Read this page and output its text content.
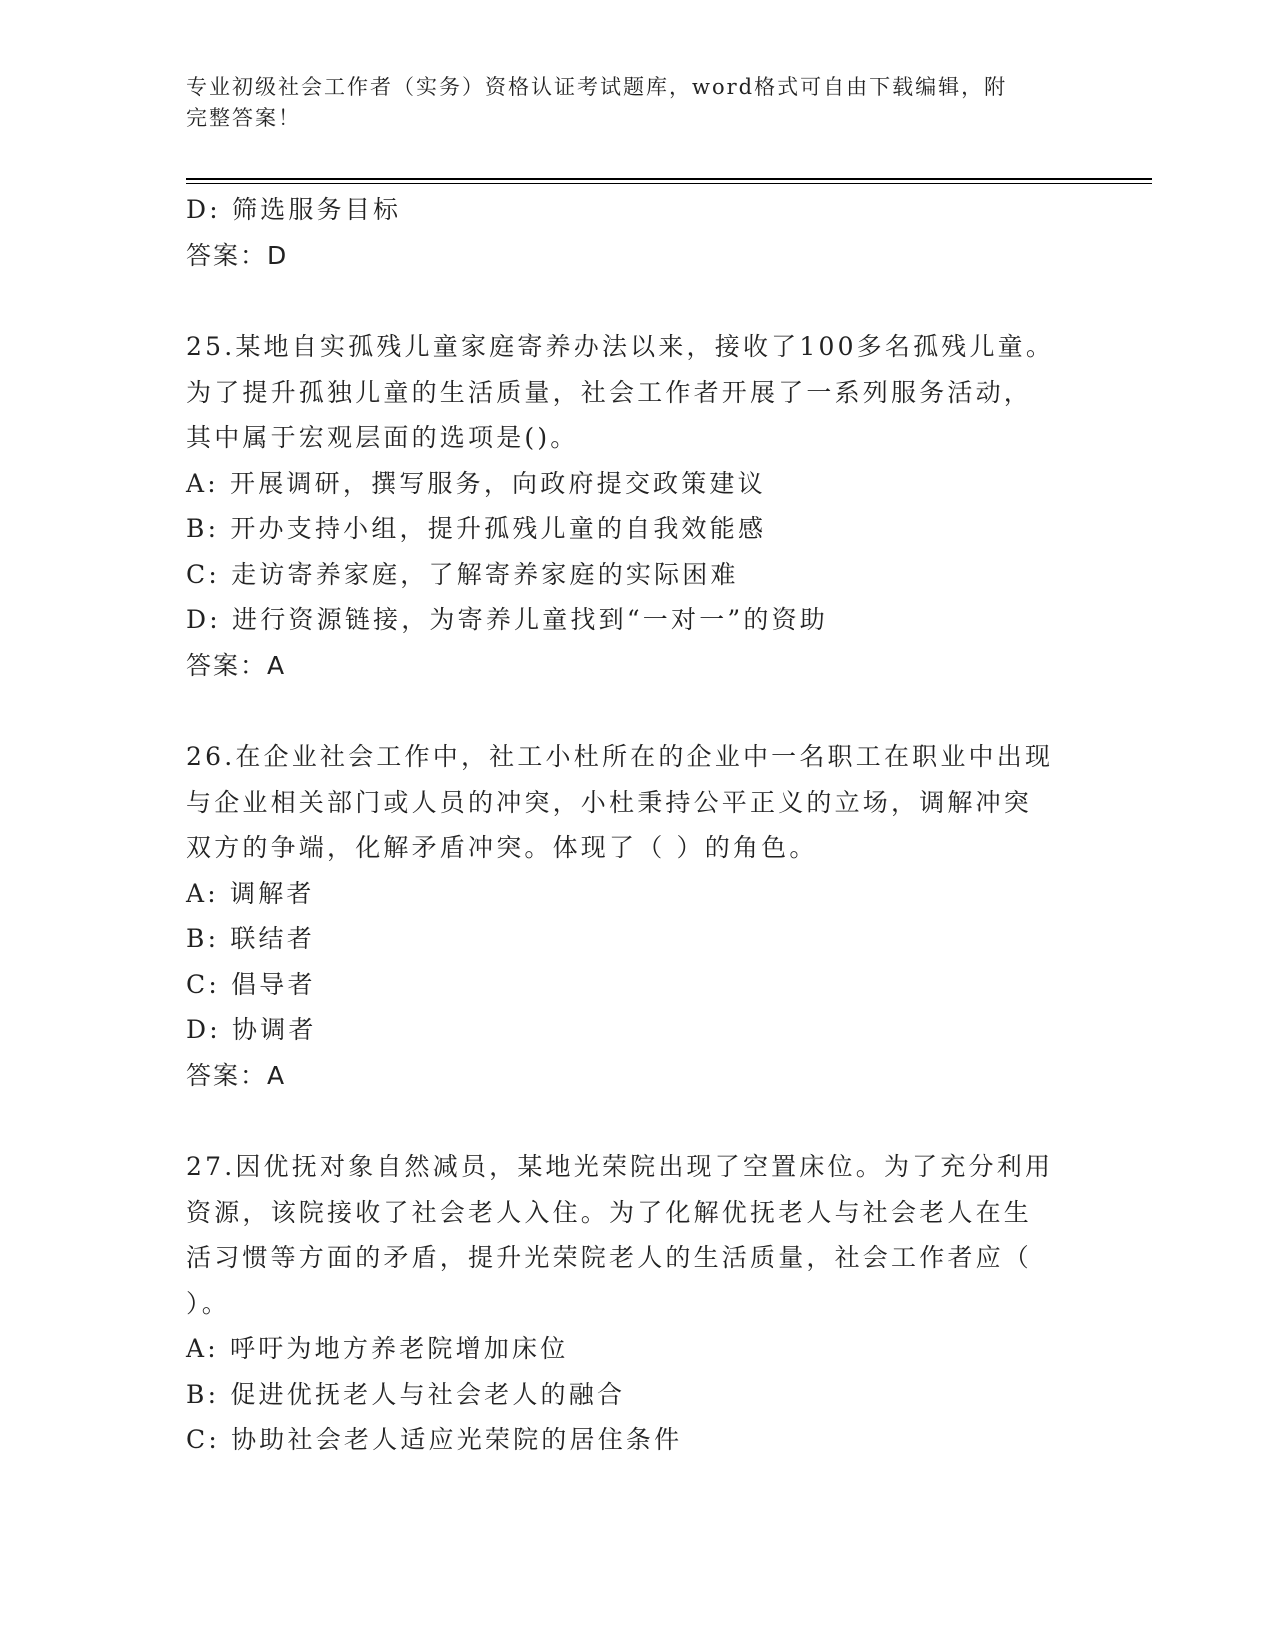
专业初级社会工作者（实务）资格认证考试题库，word格式可自由下载编辑，附
完整答案！
D: 筛选服务目标
答案：D
25.某地自实孤残儿童家庭寄养办法以来，接收了100多名孤残儿童。
为了提升孤独儿童的生活质量，社会工作者开展了一系列服务活动，
其中属于宏观层面的选项是()。
A: 开展调研，撰写服务，向政府提交政策建议
B: 开办支持小组，提升孤残儿童的自我效能感
C: 走访寄养家庭，了解寄养家庭的实际困难
D: 进行资源链接，为寄养儿童找到“一对一”的资助
答案：A
26.在企业社会工作中，社工小杜所在的企业中一名职工在职业中出现
与企业相关部门或人员的冲突，小杜秉持公平正义的立场，调解冲突
双方的争端，化解矛盾冲突。体现了（ ）的角色。
A: 调解者
B: 联结者
C: 倡导者
D: 协调者
答案：A
27.因优抚对象自然减员，某地光荣院出现了空置床位。为了充分利用
资源，该院接收了社会老人入住。为了化解优抚老人与社会老人在生
活习惯等方面的矛盾，提升光荣院老人的生活质量，社会工作者应（
）。
A: 呼吁为地方养老院增加床位
B: 促进优抚老人与社会老人的融合
C: 协助社会老人适应光荣院的居住条件
